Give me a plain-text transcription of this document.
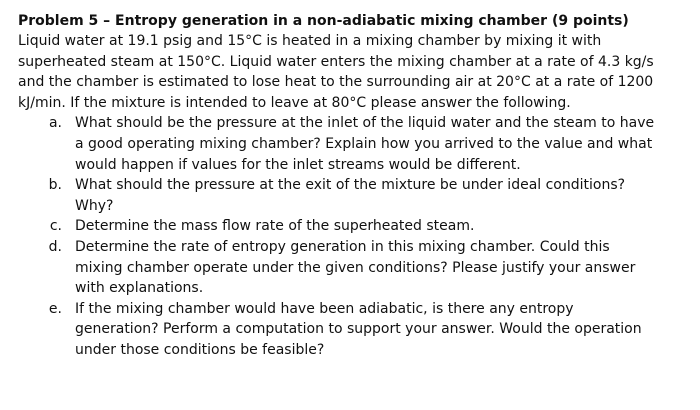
Problem 5 – Entropy generation in a non-adiabatic mixing chamber (9 points)

Liquid water at 19.1 psig and 15°C is heated in a mixing chamber by mixing it with superheated steam at 150°C. Liquid water enters the mixing chamber at a rate of 4.3 kg/s and the chamber is estimated to lose heat to the surrounding air at 20°C at a rate of 1200 kJ/min. If the mixture is intended to leave at 80°C please answer the following.

a. What should be the pressure at the inlet of the liquid water and the steam to have a good operating mixing chamber? Explain how you arrived to the value and what would happen if values for the inlet streams would be different.
b. What should the pressure at the exit of the mixture be under ideal conditions? Why?
c. Determine the mass flow rate of the superheated steam.
d. Determine the rate of entropy generation in this mixing chamber. Could this mixing chamber operate under the given conditions? Please justify your answer with explanations.
e. If the mixing chamber would have been adiabatic, is there any entropy generation? Perform a computation to support your answer. Would the operation under those conditions be feasible?
